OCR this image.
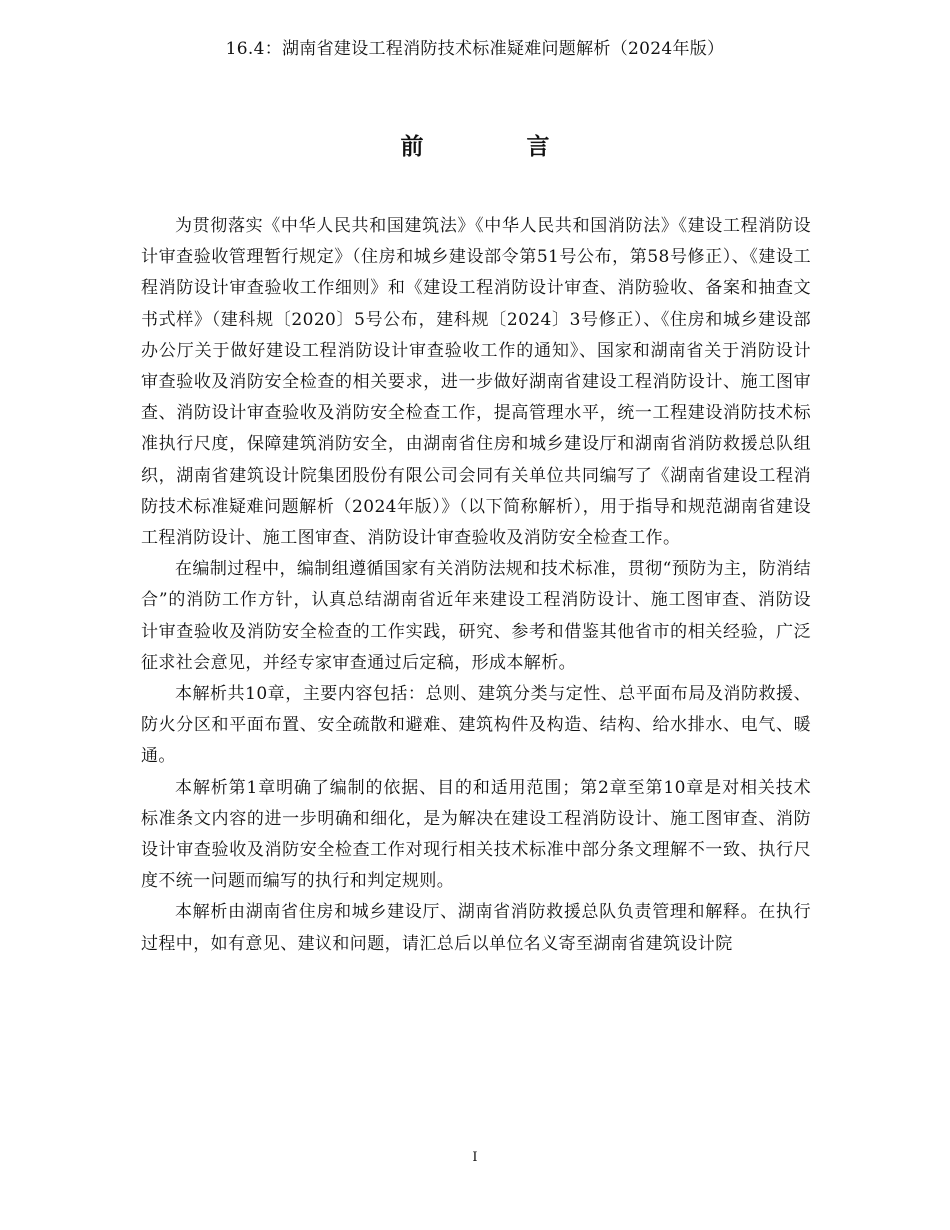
16.4：湖南省建设工程消防技术标准疑难问题解析（2024年版）
前　言

为贯彻落实《中华人民共和国建筑法》《中华人民共和国消防法》《建设工程消防设计审查验收管理暂行规定》（住房和城乡建设部令第51号公布，第58号修正）、《建设工程消防设计审查验收工作细则》和《建设工程消防设计审查、消防验收、备案和抽查文书式样》（建科规〔2020〕5号公布，建科规〔2024〕3号修正）、《住房和城乡建设部办公厅关于做好建设工程消防设计审查验收工作的通知》、国家和湖南省关于消防设计审查验收及消防安全检查的相关要求，进一步做好湖南省建设工程消防设计、施工图审查、消防设计审查验收及消防安全检查工作，提高管理水平，统一工程建设消防技术标准执行尺度，保障建筑消防安全，由湖南省住房和城乡建设厅和湖南省消防救援总队组织，湖南省建筑设计院集团股份有限公司会同有关单位共同编写了《湖南省建设工程消防技术标准疑难问题解析（2024年版）》（以下简称解析），用于指导和规范湖南省建设工程消防设计、施工图审查、消防设计审查验收及消防安全检查工作。

在编制过程中，编制组遵循国家有关消防法规和技术标准，贯彻“预防为主，防消结合”的消防工作方针，认真总结湖南省近年来建设工程消防设计、施工图审查、消防设计审查验收及消防安全检查的工作实践，研究、参考和借鉴其他省市的相关经验，广泛征求社会意见，并经专家审查通过后定稿，形成本解析。

本解析共10章，主要内容包括：总则、建筑分类与定性、总平面布局及消防救援、防火分区和平面布置、安全疏散和避难、建筑构件及构造、结构、给水排水、电气、暖通。

本解析第1章明确了编制的依据、目的和适用范围；第2章至第10章是对相关技术标准条文内容的进一步明确和细化，是为解决在建设工程消防设计、施工图审查、消防设计审查验收及消防安全检查工作对现行相关技术标准中部分条文理解不一致、执行尺度不统一问题而编写的执行和判定规则。

本解析由湖南省住房和城乡建设厅、湖南省消防救援总队负责管理和解释。在执行过程中，如有意见、建议和问题，请汇总后以单位名义寄至湖南省建筑设计院

I
